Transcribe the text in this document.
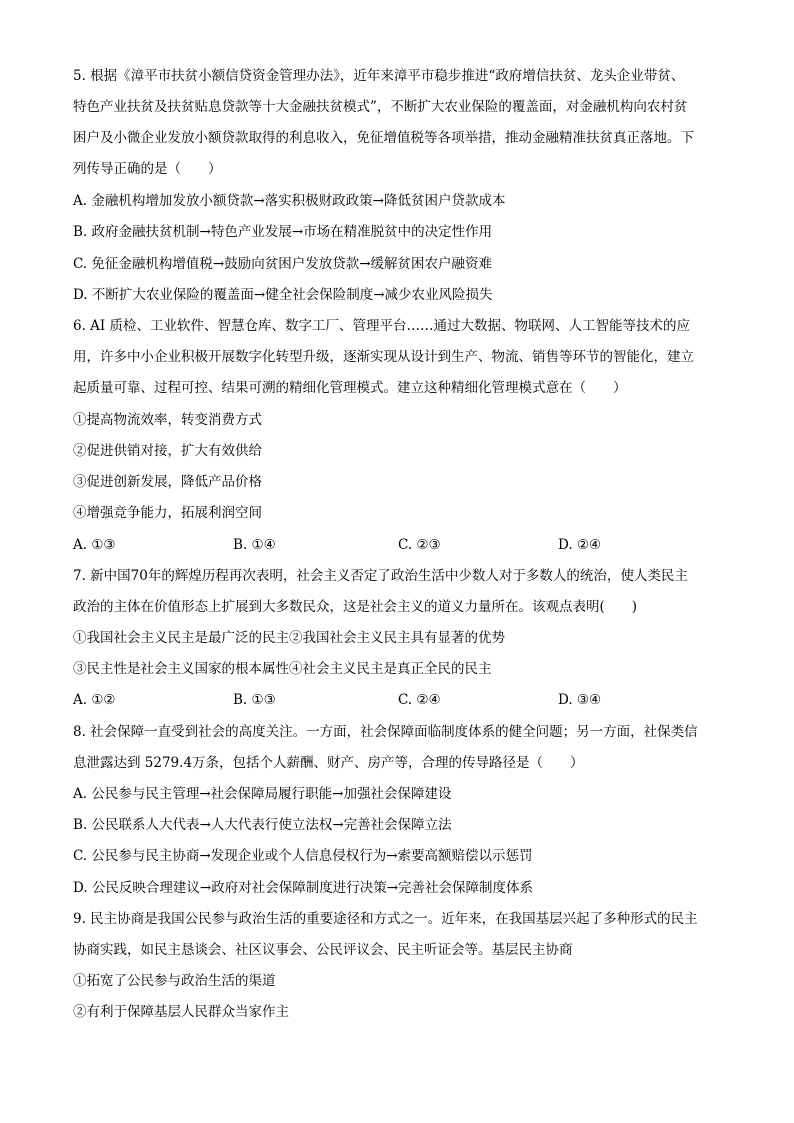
5. 根据《漳平市扶贫小额信贷资金管理办法》，近年来漳平市稳步推进“政府增信扶贫、龙头企业带贫、
特色产业扶贫及扶贫贴息贷款等十大金融扶贫模式”，不断扩大农业保险的覆盖面，对金融机构向农村贫
困户及小微企业发放小额贷款取得的利息收入，免征增值税等各项举措，推动金融精准扶贫真正落地。下
列传导正确的是（　　）
A. 金融机构增加发放小额贷款→落实积极财政政策→降低贫困户贷款成本
B. 政府金融扶贫机制→特色产业发展→市场在精准脱贫中的决定性作用
C. 免征金融机构增值税→鼓励向贫困户发放贷款→缓解贫困农户融资难
D. 不断扩大农业保险的覆盖面→健全社会保险制度→减少农业风险损失
6. AI 质检、工业软件、智慧仓库、数字工厂、管理平台……通过大数据、物联网、人工智能等技术的应
用，许多中小企业积极开展数字化转型升级，逐渐实现从设计到生产、物流、销售等环节的智能化，建立
起质量可靠、过程可控、结果可溯的精细化管理模式。建立这种精细化管理模式意在（　　）
①提高物流效率，转变消费方式
②促进供销对接，扩大有效供给
③促进创新发展，降低产品价格
④增强竞争能力，拓展利润空间
A. ①③	B. ①④	C. ②③	D. ②④
7. 新中国70年的辉煌历程再次表明，社会主义否定了政治生活中少数人对于多数人的统治，使人类民主
政治的主体在价值形态上扩展到大多数民众，这是社会主义的道义力量所在。该观点表明(　　)
①我国社会主义民主是最广泛的民主②我国社会主义民主具有显著的优势
③民主性是社会主义国家的根本属性④社会主义民主是真正全民的民主
A. ①②	B. ①③	C. ②④	D. ③④
8. 社会保障一直受到社会的高度关注。一方面，社会保障面临制度体系的健全问题；另一方面，社保类信
息泄露达到 5279.4万条，包括个人薪酬、财产、房产等，合理的传导路径是（　　）
A. 公民参与民主管理→社会保障局履行职能→加强社会保障建设
B. 公民联系人大代表→人大代表行使立法权→完善社会保障立法
C. 公民参与民主协商→发现企业或个人信息侵权行为→索要高额赔偿以示惩罚
D. 公民反映合理建议→政府对社会保障制度进行决策→完善社会保障制度体系
9. 民主协商是我国公民参与政治生活的重要途径和方式之一。近年来，在我国基层兴起了多种形式的民主
协商实践，如民主恳谈会、社区议事会、公民评议会、民主听证会等。基层民主协商
①拓宽了公民参与政治生活的渠道
②有利于保障基层人民群众当家作主
